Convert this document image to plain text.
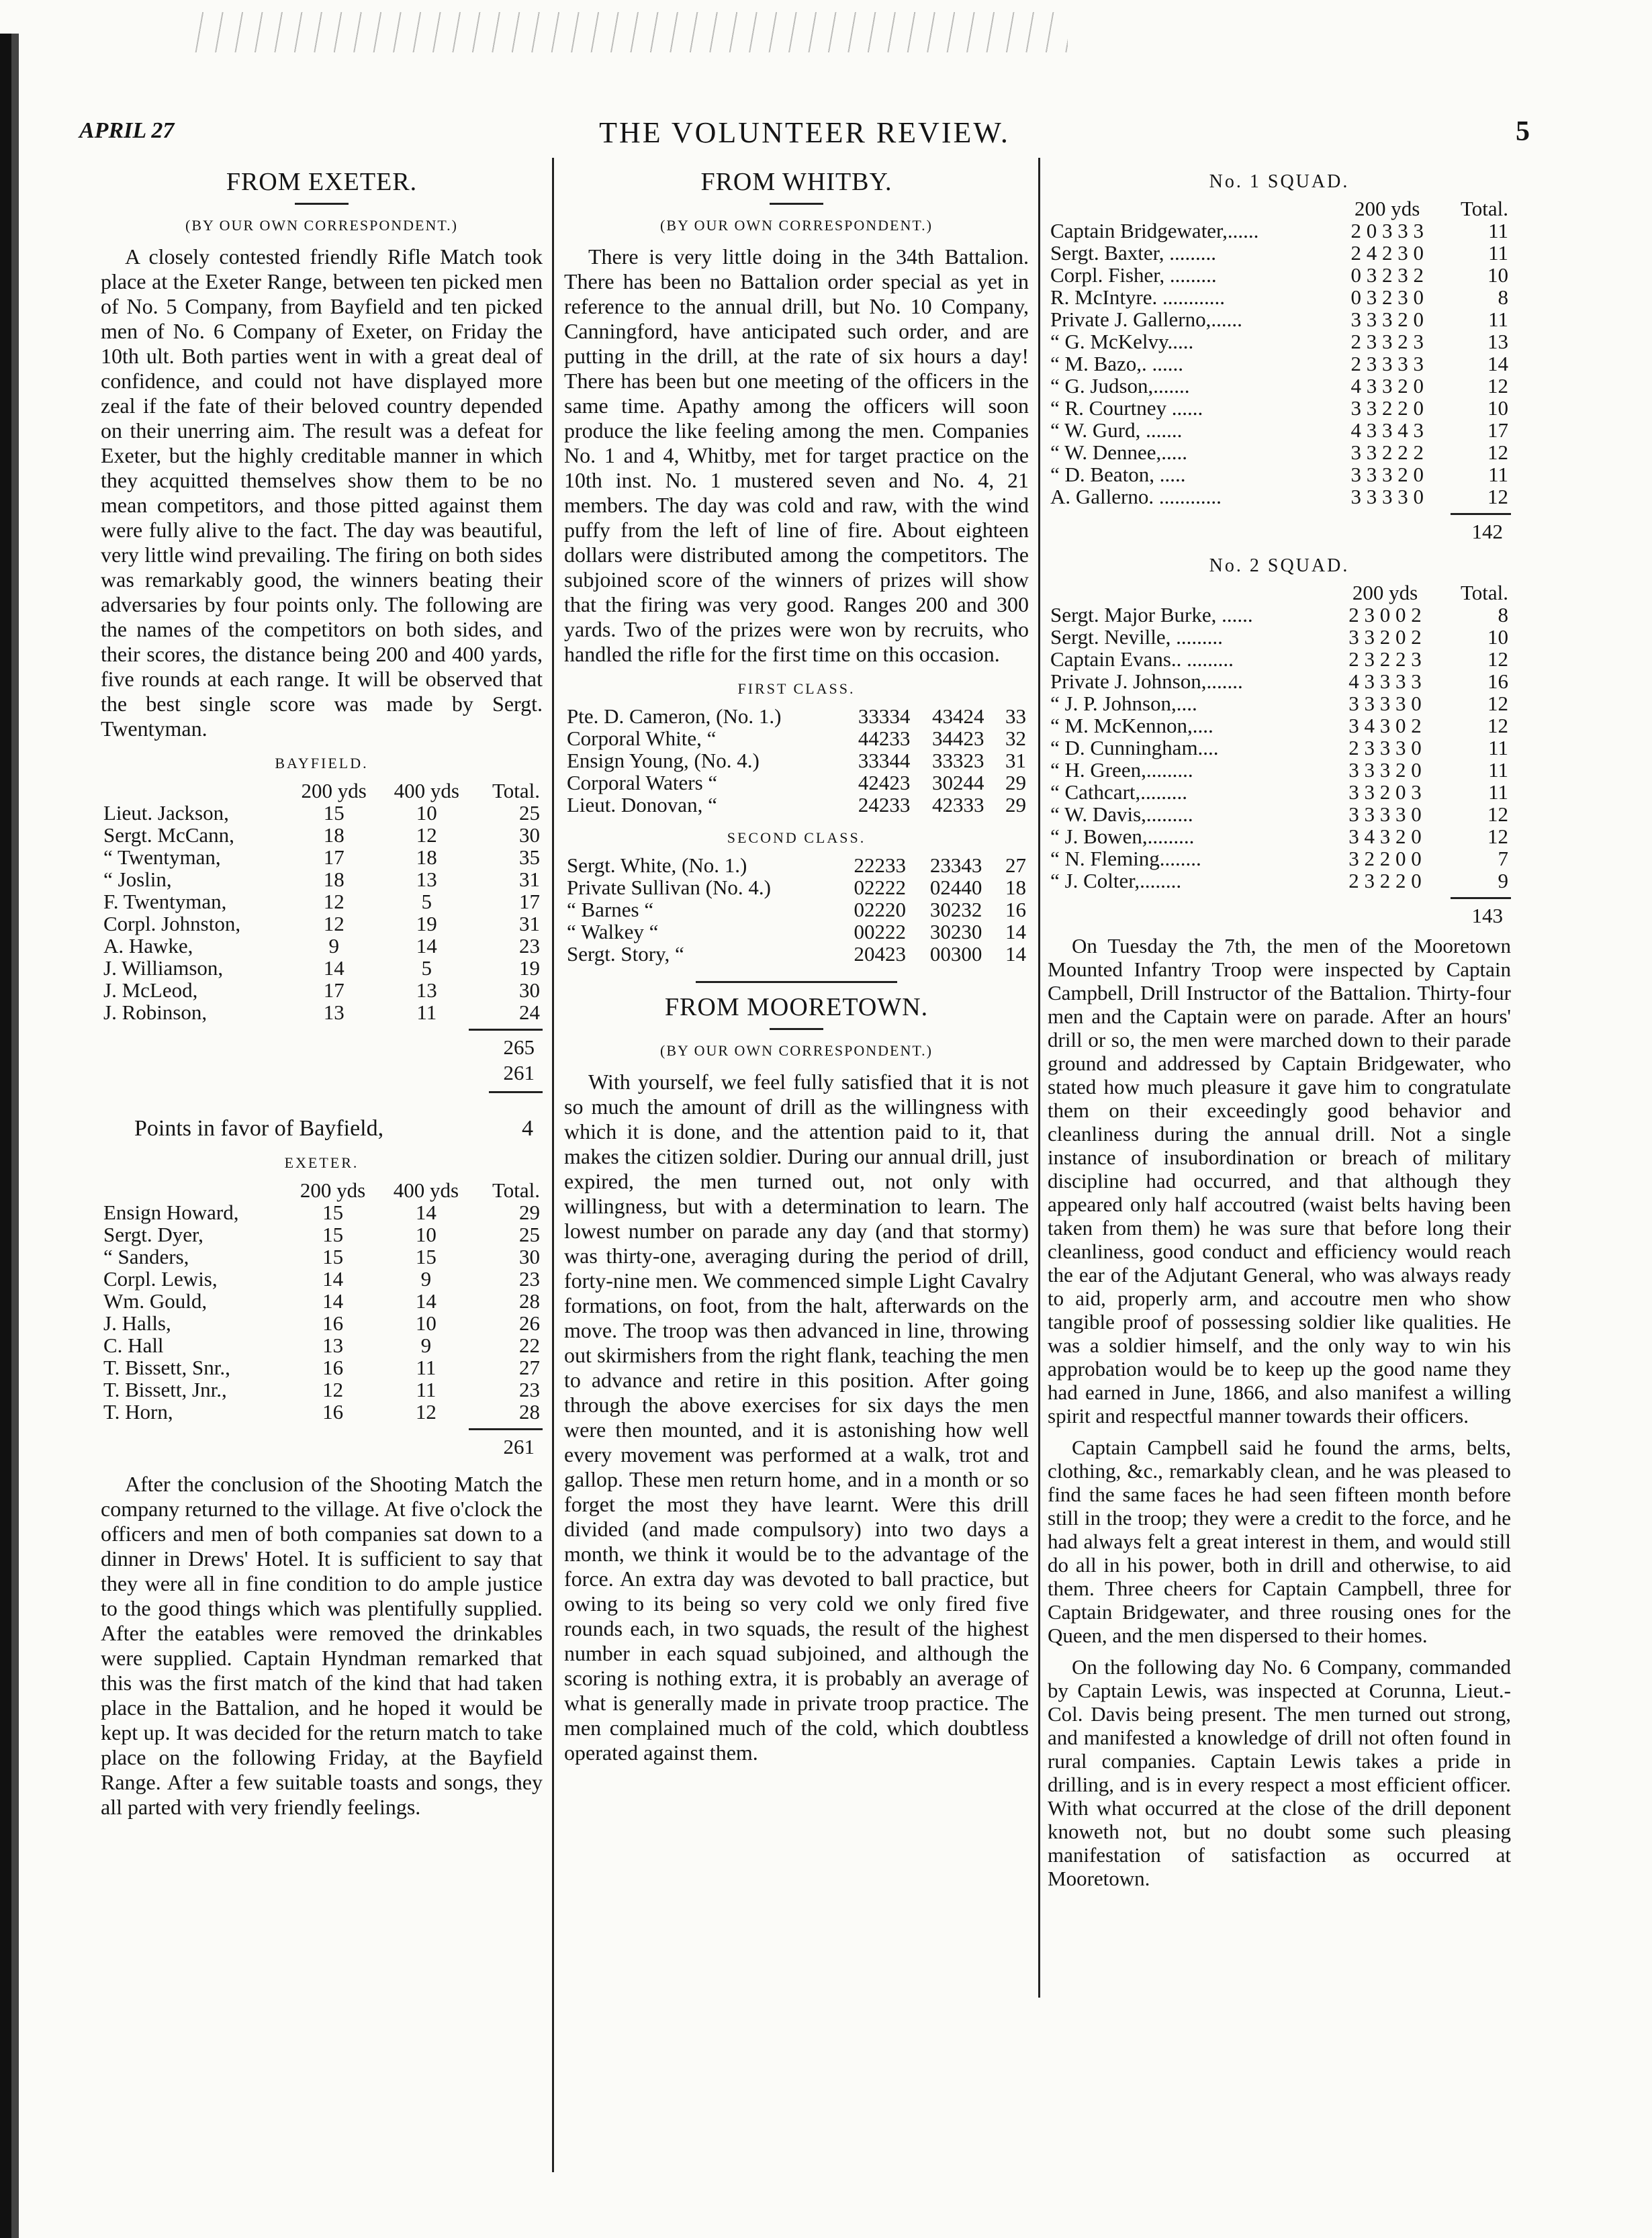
APRIL 27	THE VOLUNTEER REVIEW.	5
FROM EXETER.
(BY OUR OWN CORRESPONDENT.)

A closely contested friendly Rifle Match took place at the Exeter Range, between ten picked men of No. 5 Company, from Bayfield and ten picked men of No. 6 Company of Exeter, on Friday the 10th ult. Both parties went in with a great deal of confidence, and could not have displayed more zeal if the fate of their beloved country depended on their unerring aim. The result was a defeat for Exeter, but the highly creditable manner in which they acquitted themselves show them to be no mean competitors, and those pitted against them were fully alive to the fact. The day was beautiful, very little wind prevailing. The firing on both sides was remarkably good, the winners beating their adversaries by four points only. The following are the names of the competitors on both sides, and their scores, the distance being 200 and 400 yards, five rounds at each range. It will be observed that the best single score was made by Sergt. Twentyman.

BAYFIELD.
	200 yds	400 yds	Total.
Lieut. Jackson,	15	10	25
Sergt. McCann,	18	12	30
“ Twentyman,	17	18	35
“ Joslin,	18	13	31
F. Twentyman,	12	5	17
Corpl. Johnston,	12	19	31
A. Hawke,	9	14	23
J. Williamson,	14	5	19
J. McLeod,	17	13	30
J. Robinson,	13	11	24
265
261
Points in favor of Bayfield,	4
EXETER.
	200 yds	400 yds	Total.
Ensign Howard,	15	14	29
Sergt. Dyer,	15	10	25
“ Sanders,	15	15	30
Corpl. Lewis,	14	9	23
Wm. Gould,	14	14	28
J. Halls,	16	10	26
C. Hall	13	9	22
T. Bissett, Snr.,	16	11	27
T. Bissett, Jnr.,	12	11	23
T. Horn,	16	12	28
261

After the conclusion of the Shooting Match the company returned to the village. At five o'clock the officers and men of both companies sat down to a dinner in Drews' Hotel. It is sufficient to say that they were all in fine condition to do ample justice to the good things which was plentifully supplied. After the eatables were removed the drinkables were supplied. Captain Hyndman remarked that this was the first match of the kind that had taken place in the Battalion, and he hoped it would be kept up. It was decided for the return match to take place on the following Friday, at the Bayfield Range. After a few suitable toasts and songs, they all parted with very friendly feelings.

FROM WHITBY.
(BY OUR OWN CORRESPONDENT.)

There is very little doing in the 34th Battalion. There has been no Battalion order special as yet in reference to the annual drill, but No. 10 Company, Canningford, have anticipated such order, and are putting in the drill, at the rate of six hours a day! There has been but one meeting of the officers in the same time. Apathy among the officers will soon produce the like feeling among the men. Companies No. 1 and 4, Whitby, met for target practice on the 10th inst. No. 1 mustered seven and No. 4, 21 members. The day was cold and raw, with the wind puffy from the left of line of fire. About eighteen dollars were distributed among the competitors. The subjoined score of the winners of prizes will show that the firing was very good. Ranges 200 and 300 yards. Two of the prizes were won by recruits, who handled the rifle for the first time on this occasion.

FIRST CLASS.
Pte. D. Cameron, (No. 1.)	33334	43424	33
Corporal White, “	44233	34423	32
Ensign Young, (No. 4.)	33344	33323	31
Corporal Waters “	42423	30244	29
Lieut. Donovan, “	24233	42333	29
SECOND CLASS.
Sergt. White, (No. 1.)	22233	23343	27
Private Sullivan (No. 4.)	02222	02440	18
“ Barnes “	02220	30232	16
“ Walkey “	00222	30230	14
Sergt. Story, “	20423	00300	14
FROM MOORETOWN.
(BY OUR OWN CORRESPONDENT.)

With yourself, we feel fully satisfied that it is not so much the amount of drill as the willingness with which it is done, and the attention paid to it, that makes the citizen soldier. During our annual drill, just expired, the men turned out, not only with willingness, but with a determination to learn. The lowest number on parade any day (and that stormy) was thirty-one, averaging during the period of drill, forty-nine men. We commenced simple Light Cavalry formations, on foot, from the halt, afterwards on the move. The troop was then advanced in line, throwing out skirmishers from the right flank, teaching the men to advance and retire in this position. After going through the above exercises for six days the men were then mounted, and it is astonishing how well every movement was performed at a walk, trot and gallop. These men return home, and in a month or so forget the most they have learnt. Were this drill divided (and made compulsory) into two days a month, we think it would be to the advantage of the force. An extra day was devoted to ball practice, but owing to its being so very cold we only fired five rounds each, in two squads, the result of the highest number in each squad subjoined, and although the scoring is nothing extra, it is probably an average of what is generally made in private troop practice. The men complained much of the cold, which doubtless operated against them.

No. 1 SQUAD.
	200 yds	Total.
Captain Bridgewater,......	2 0 3 3 3	11
Sergt. Baxter, .........	2 4 2 3 0	11
Corpl. Fisher, .........	0 3 2 3 2	10
R. McIntyre. ............	0 3 2 3 0	8
Private J. Gallerno,......	3 3 3 2 0	11
“ G. McKelvy.....	2 3 3 2 3	13
“ M. Bazo,. ......	2 3 3 3 3	14
“ G. Judson,.......	4 3 3 2 0	12
“ R. Courtney ......	3 3 2 2 0	10
“ W. Gurd, .......	4 3 3 4 3	17
“ W. Dennee,.....	3 3 2 2 2	12
“ D. Beaton, .....	3 3 3 2 0	11
A. Gallerno. ............	3 3 3 3 0	12
142
No. 2 SQUAD.
	200 yds	Total.
Sergt. Major Burke, ......	2 3 0 0 2	8
Sergt. Neville, .........	3 3 2 0 2	10
Captain Evans.. .........	2 3 2 2 3	12
Private J. Johnson,.......	4 3 3 3 3	16
“ J. P. Johnson,....	3 3 3 3 0	12
“ M. McKennon,....	3 4 3 0 2	12
“ D. Cunningham....	2 3 3 3 0	11
“ H. Green,.........	3 3 3 2 0	11
“ Cathcart,.........	3 3 2 0 3	11
“ W. Davis,.........	3 3 3 3 0	12
“ J. Bowen,.........	3 4 3 2 0	12
“ N. Fleming........	3 2 2 0 0	7
“ J. Colter,........	2 3 2 2 0	9
143

On Tuesday the 7th, the men of the Mooretown Mounted Infantry Troop were inspected by Captain Campbell, Drill Instructor of the Battalion. Thirty-four men and the Captain were on parade. After an hours' drill or so, the men were marched down to their parade ground and addressed by Captain Bridgewater, who stated how much pleasure it gave him to congratulate them on their exceedingly good behavior and cleanliness during the annual drill. Not a single instance of insubordination or breach of military discipline had occurred, and that although they appeared only half accoutred (waist belts having been taken from them) he was sure that before long their cleanliness, good conduct and efficiency would reach the ear of the Adjutant General, who was always ready to aid, properly arm, and accoutre men who show tangible proof of possessing soldier like qualities. He was a soldier himself, and the only way to win his approbation would be to keep up the good name they had earned in June, 1866, and also manifest a willing spirit and respectful manner towards their officers.

Captain Campbell said he found the arms, belts, clothing, &c., remarkably clean, and he was pleased to find the same faces he had seen fifteen month before still in the troop; they were a credit to the force, and he had always felt a great interest in them, and would still do all in his power, both in drill and otherwise, to aid them. Three cheers for Captain Campbell, three for Captain Bridgewater, and three rousing ones for the Queen, and the men dispersed to their homes.

On the following day No. 6 Company, commanded by Captain Lewis, was inspected at Corunna, Lieut.-Col. Davis being present. The men turned out strong, and manifested a knowledge of drill not often found in rural companies. Captain Lewis takes a pride in drilling, and is in every respect a most efficient officer. With what occurred at the close of the drill deponent knoweth not, but no doubt some such pleasing manifestation of satisfaction as occurred at Mooretown.
